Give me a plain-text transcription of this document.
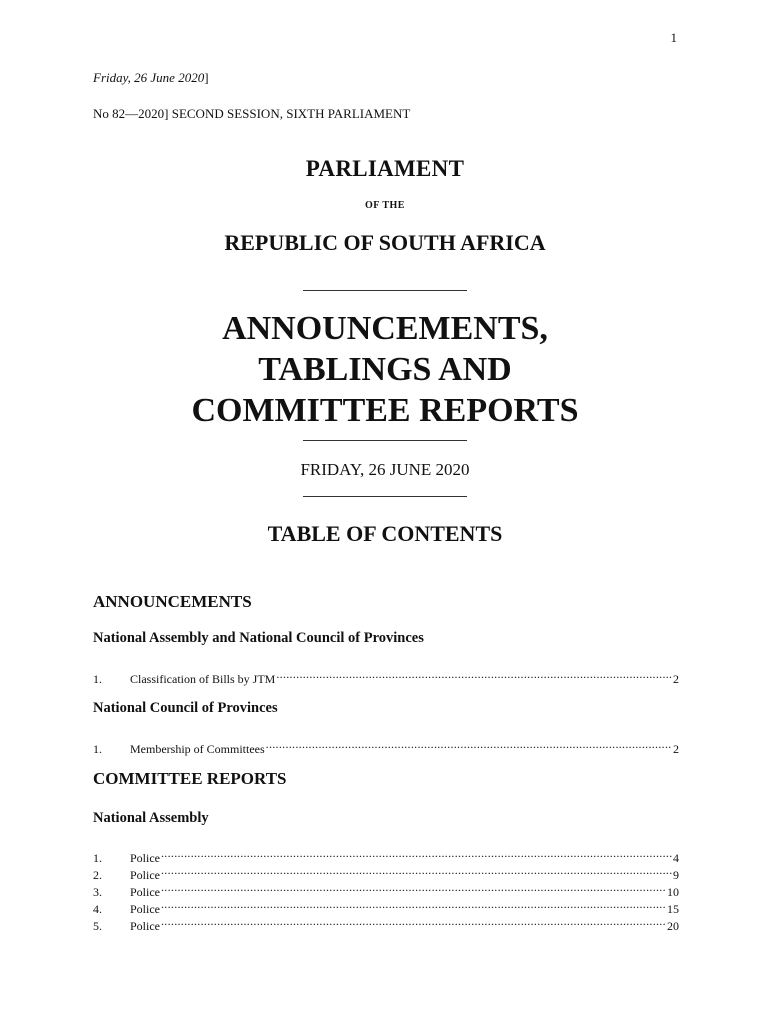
1
Friday, 26 June 2020]
No 82—2020] SECOND SESSION, SIXTH PARLIAMENT
PARLIAMENT
OF THE
REPUBLIC OF SOUTH AFRICA
ANNOUNCEMENTS,
TABLINGS AND
COMMITTEE REPORTS
FRIDAY, 26 JUNE 2020
TABLE OF CONTENTS
ANNOUNCEMENTS
National Assembly and National Council of Provinces
1.	Classification of Bills by JTM .....	2
National Council of Provinces
1.	Membership of Committees .....	2
COMMITTEE REPORTS
National Assembly
1.	Police .....	4
2.	Police .....	9
3.	Police .....	10
4.	Police .....	15
5.	Police .....	20
